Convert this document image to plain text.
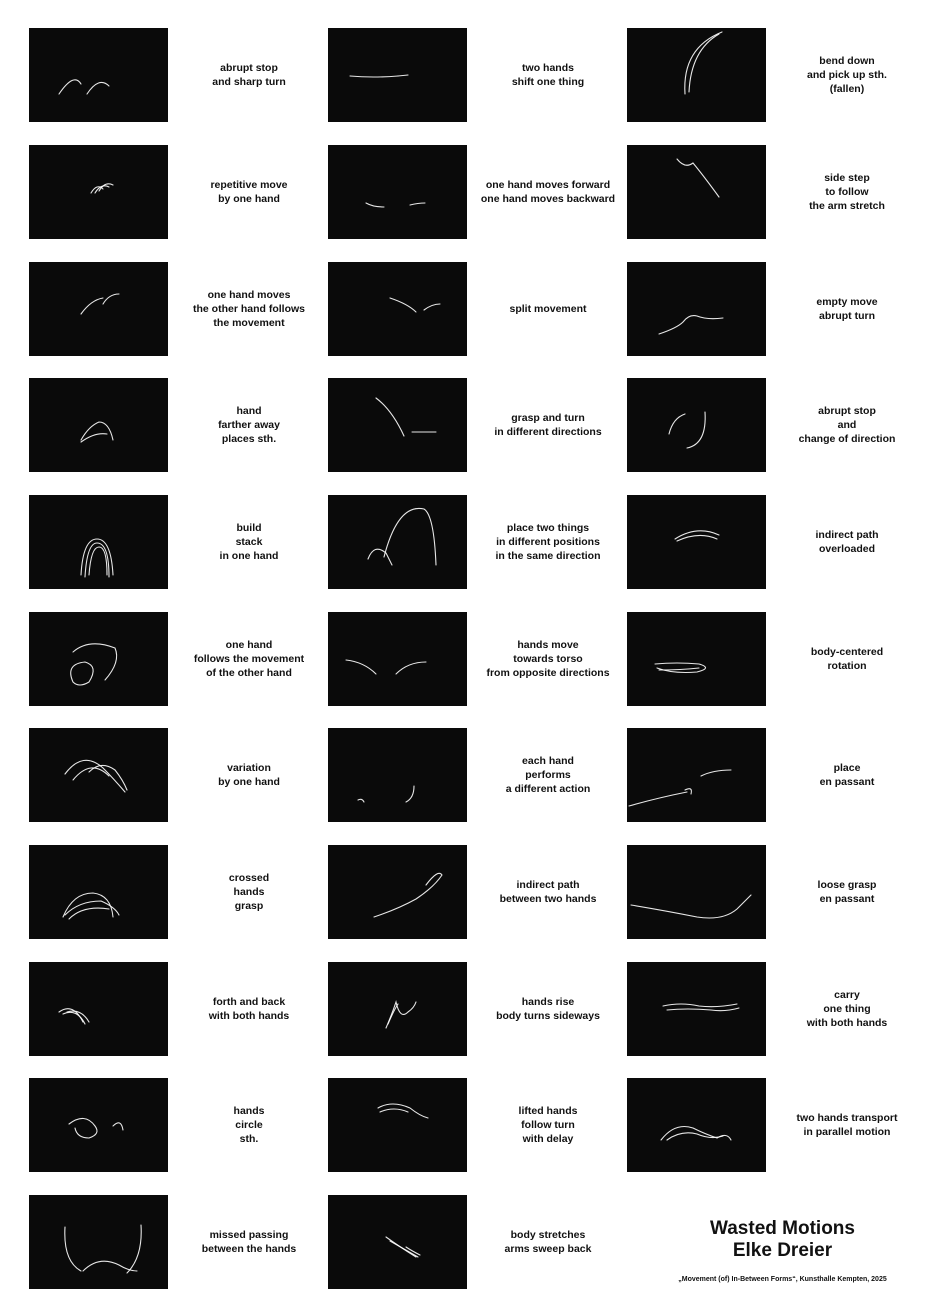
abrupt stop
and sharp turn
two hands
shift one thing
bend down
and pick up sth.
(fallen)
repetitive move
by one hand
one hand moves forward
one hand moves backward
side step
to follow
the arm stretch
one hand moves
the other hand follows
the movement
split movement
empty move
abrupt turn
hand
farther away
places sth.
grasp and turn
in different directions
abrupt stop
and
change of direction
build
stack
in one hand
place two things
in different positions
in the same direction
indirect path
overloaded
one hand
follows the movement
of the other hand
hands move
towards torso
from opposite directions
body-centered
rotation
variation
by one hand
each hand
performs
a different action
place
en passant
crossed
hands
grasp
indirect path
between two hands
loose grasp
en passant
forth and back
with both hands
hands rise
body turns sideways
carry
one thing
with both hands
hands
circle
sth.
lifted hands
follow turn
with delay
two hands transport
in parallel motion
missed passing
between the hands
body stretches
arms sweep back
Wasted Motions
Elke Dreier
„Movement (of) In-Between Forms“, Kunsthalle Kempten, 2025
